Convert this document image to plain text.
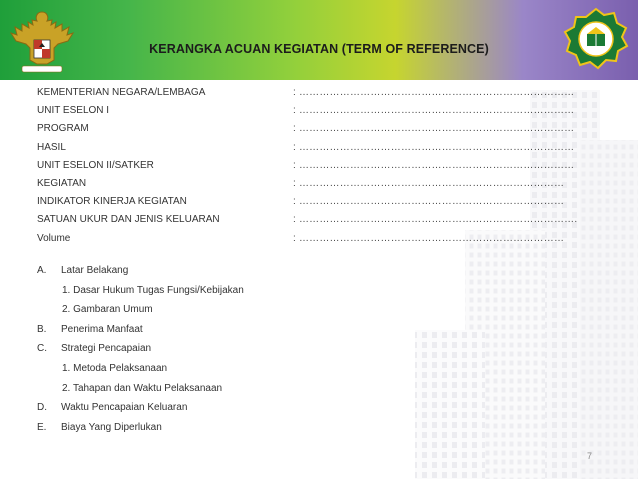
KERANGKA ACUAN KEGIATAN (TERM OF REFERENCE)
KEMENTERIAN NEGARA/LEMBAGA	: ………………………………………………………………………
UNIT ESELON I	: ………………………………………………………………………
PROGRAM	: ………………………………………………………………………
HASIL	: ………………………………………………………………………
UNIT ESELON II/SATKER	: ………………………………………………………………………
KEGIATAN	: ……………………………………………………………………
INDIKATOR KINERJA KEGIATAN	: ……………………………………………………………………
SATUAN UKUR DAN JENIS KELUARAN	: ……………………………………………………………………….
Volume	: ……………………………………………………………………
A. Latar Belakang
1. Dasar Hukum Tugas Fungsi/Kebijakan
2. Gambaran Umum
B. Penerima Manfaat
C. Strategi Pencapaian
1. Metoda Pelaksanaan
2. Tahapan dan Waktu Pelaksanaan
D. Waktu Pencapaian Keluaran
E. Biaya Yang Diperlukan
7
